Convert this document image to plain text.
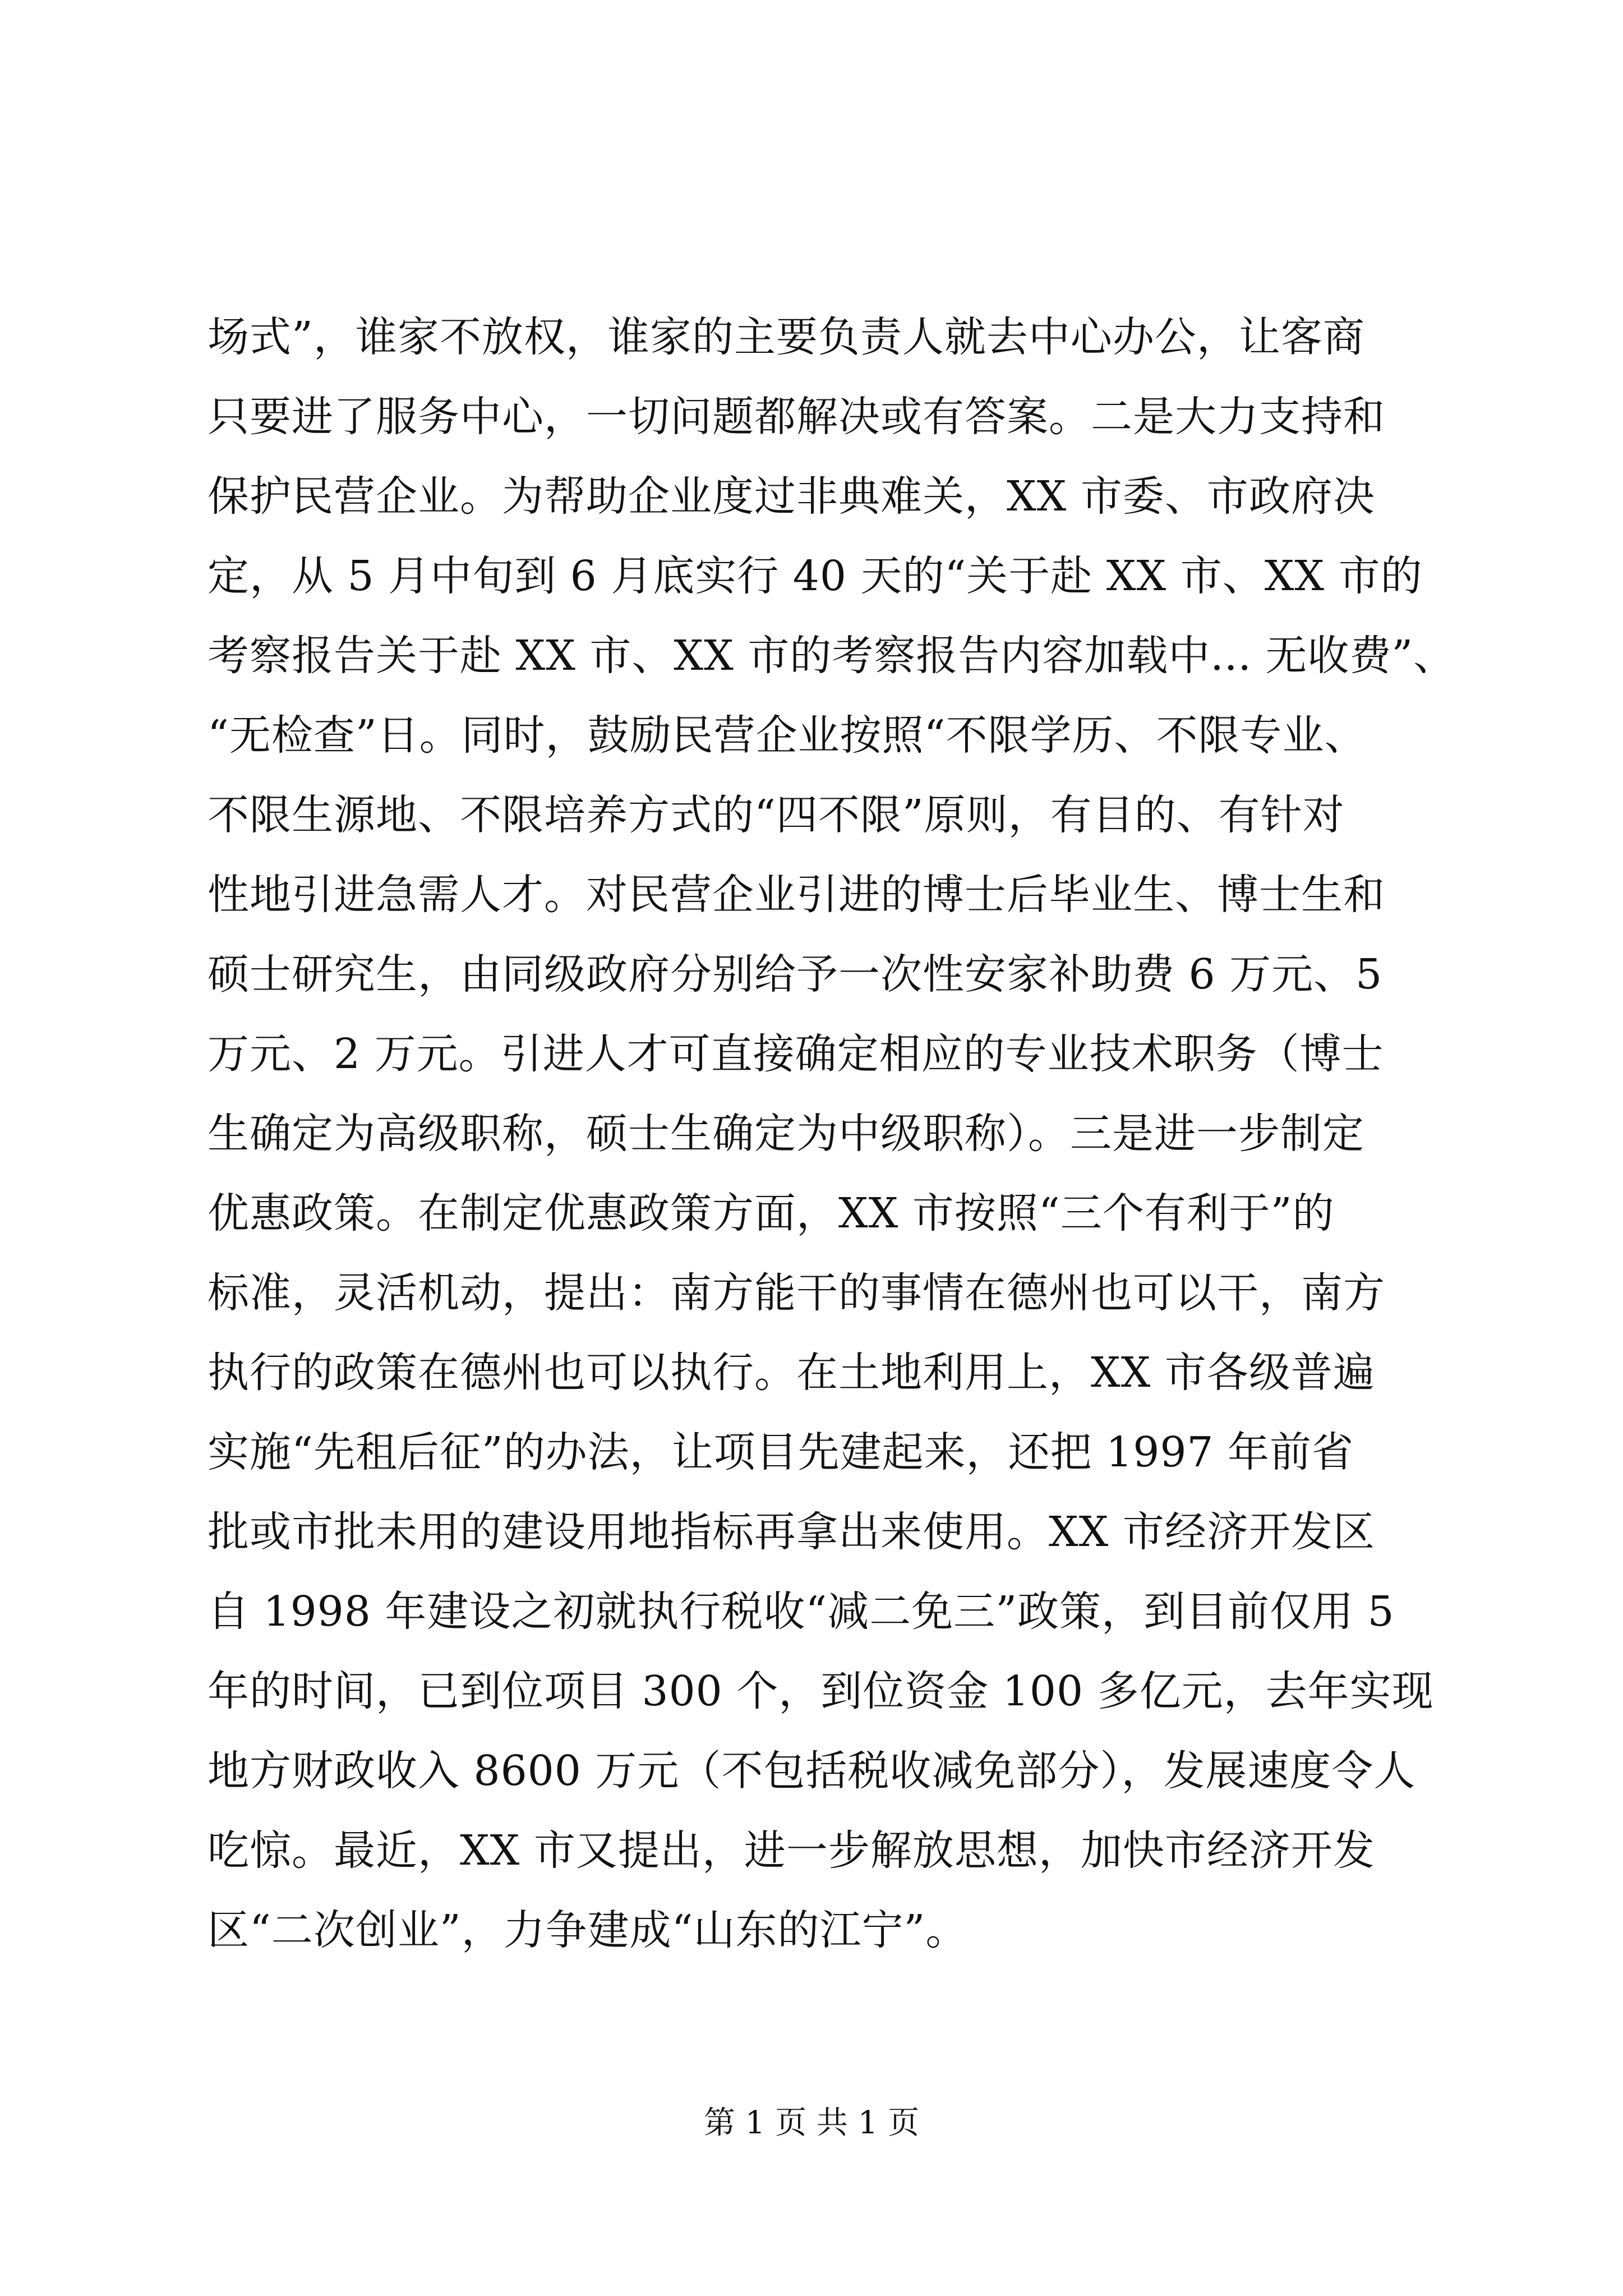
场式”，谁家不放权，谁家的主要负责人就去中心办公，让客商
只要进了服务中心，一切问题都解决或有答案。二是大力支持和
保护民营企业。为帮助企业度过非典难关，XX 市委、市政府决
定，从 5 月中旬到 6 月底实行 40 天的“关于赴 XX 市、XX 市的
考察报告关于赴 XX 市、XX 市的考察报告内容加载中... 无收费”、
“无检查”日。同时，鼓励民营企业按照“不限学历、不限专业、
不限生源地、不限培养方式的“四不限”原则，有目的、有针对
性地引进急需人才。对民营企业引进的博士后毕业生、博士生和
硕士研究生，由同级政府分别给予一次性安家补助费 6 万元、5
万元、2 万元。引进人才可直接确定相应的专业技术职务（博士
生确定为高级职称，硕士生确定为中级职称）。三是进一步制定
优惠政策。在制定优惠政策方面，XX 市按照“三个有利于”的
标准，灵活机动，提出：南方能干的事情在德州也可以干，南方
执行的政策在德州也可以执行。在土地利用上，XX 市各级普遍
实施“先租后征”的办法，让项目先建起来，还把 1997 年前省
批或市批未用的建设用地指标再拿出来使用。XX 市经济开发区
自 1998 年建设之初就执行税收“减二免三”政策，到目前仅用 5
年的时间，已到位项目 300 个，到位资金 100 多亿元，去年实现
地方财政收入 8600 万元（不包括税收减免部分），发展速度令人
吃惊。最近，XX 市又提出，进一步解放思想，加快市经济开发
区“二次创业”，力争建成“山东的江宁”。
第 1 页 共 1 页
